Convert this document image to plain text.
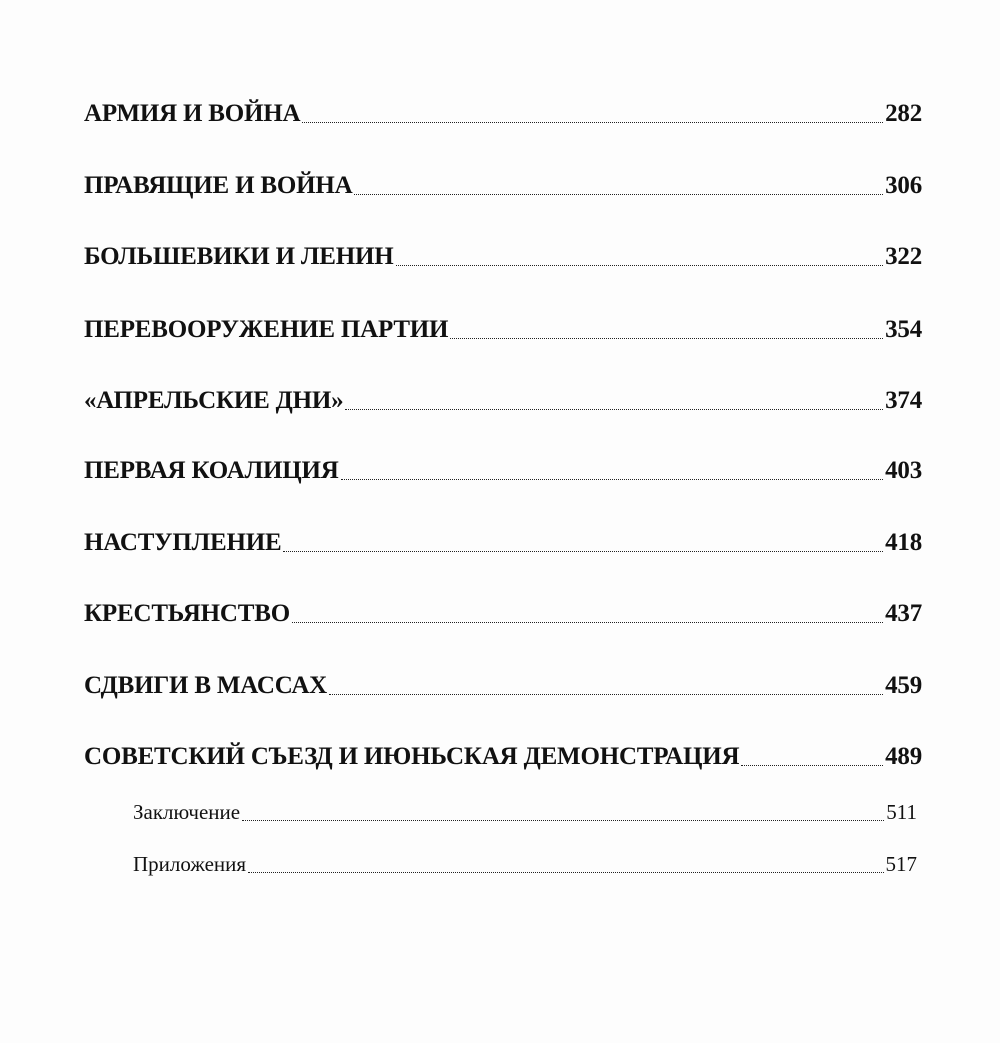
АРМИЯ И ВОЙНА	282
ПРАВЯЩИЕ И ВОЙНА	306
БОЛЬШЕВИКИ И ЛЕНИН	322
ПЕРЕВООРУЖЕНИЕ ПАРТИИ	354
«АПРЕЛЬСКИЕ ДНИ»	374
ПЕРВАЯ КОАЛИЦИЯ	403
НАСТУПЛЕНИЕ	418
КРЕСТЬЯНСТВО	437
СДВИГИ В МАССАХ	459
СОВЕТСКИЙ СЪЕЗД И ИЮНЬСКАЯ ДЕМОНСТРАЦИЯ	489
Заключение	511
Приложения	517
